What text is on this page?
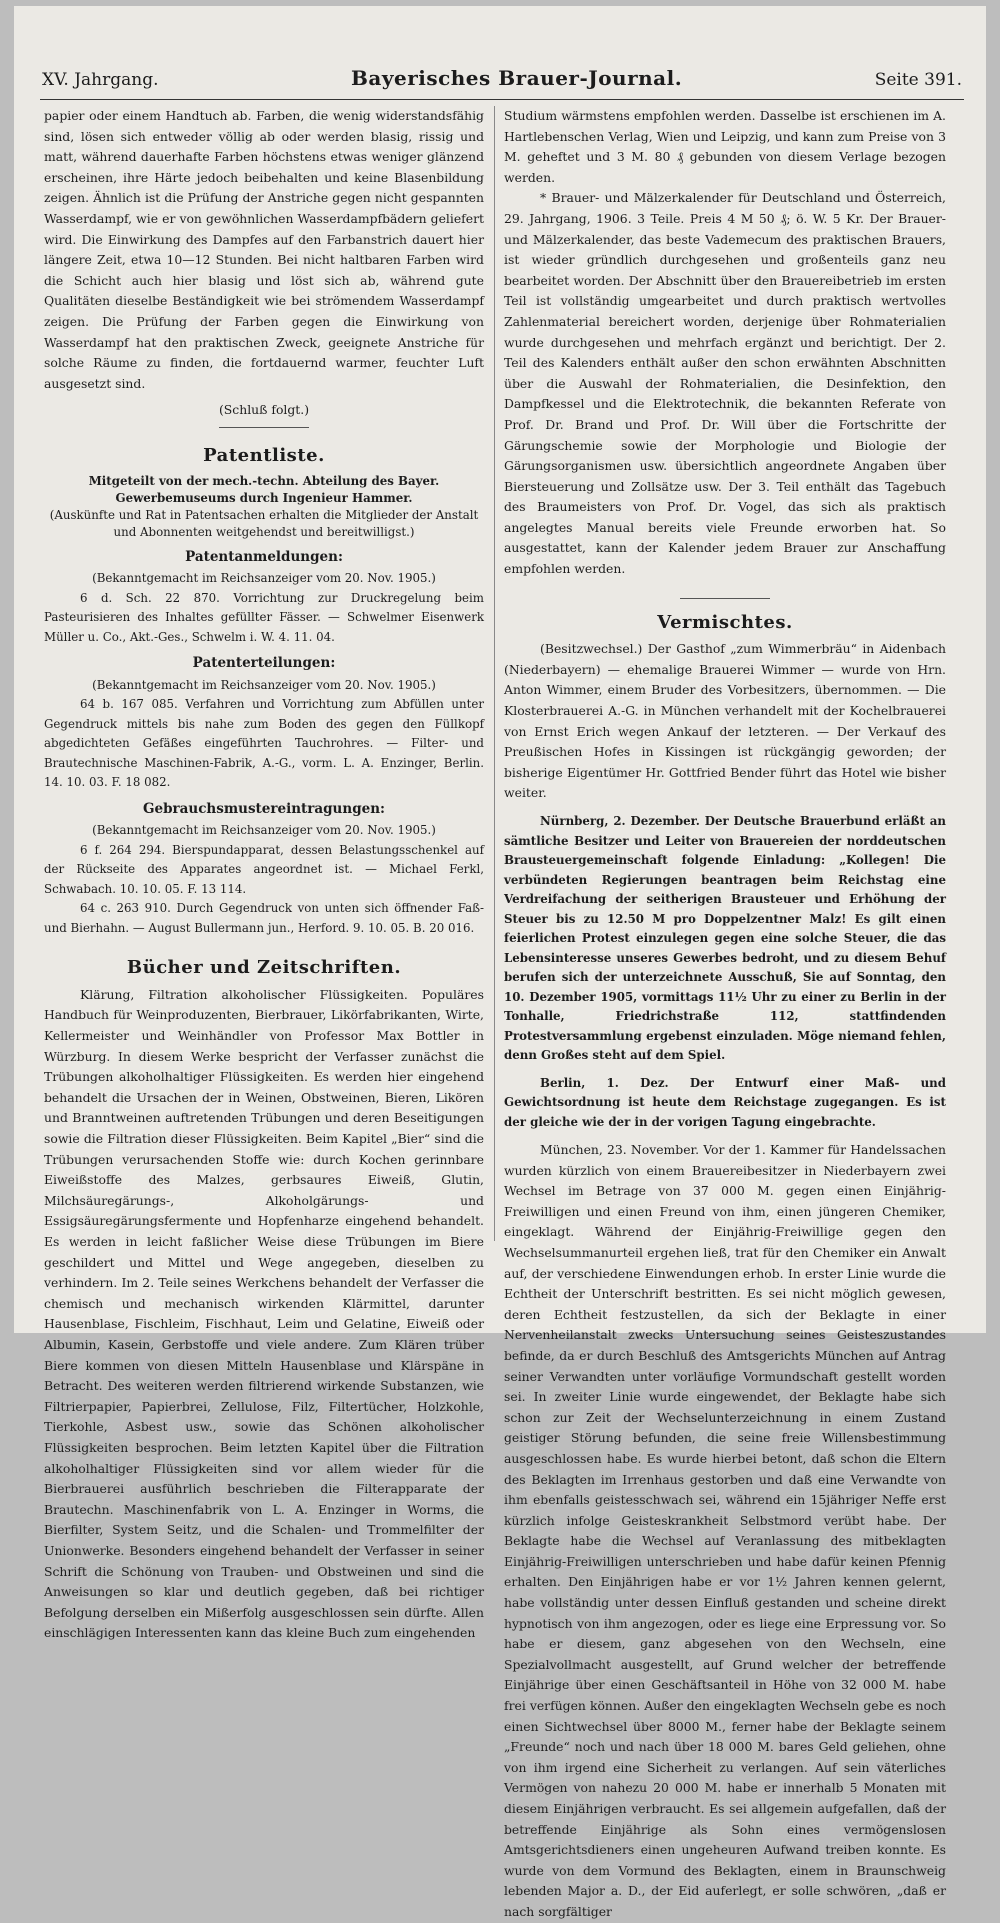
XV. Jahrgang.	Bayerisches Brauer-Journal.	Seite 391.

papier oder einem Handtuch ab. Farben, die wenig widerstandsfähig sind, lösen sich entweder völlig ab oder werden blasig, rissig und matt, während dauerhafte Farben höchstens etwas weniger glänzend erscheinen, ihre Härte jedoch beibehalten und keine Blasenbildung zeigen. Ähnlich ist die Prüfung der Anstriche gegen nicht gespannten Wasserdampf, wie er von gewöhnlichen Wasserdampfbädern geliefert wird. Die Einwirkung des Dampfes auf den Farbanstrich dauert hier längere Zeit, etwa 10—12 Stunden. Bei nicht haltbaren Farben wird die Schicht auch hier blasig und löst sich ab, während gute Qualitäten dieselbe Beständigkeit wie bei strömendem Wasserdampf zeigen. Die Prüfung der Farben gegen die Einwirkung von Wasserdampf hat den praktischen Zweck, geeignete Anstriche für solche Räume zu finden, die fortdauernd warmer, feuchter Luft ausgesetzt sind.

(Schluß folgt.)

Patentliste.

Mitgeteilt von der mech.-techn. Abteilung des Bayer. Gewerbemuseums durch Ingenieur Hammer.

(Auskünfte und Rat in Patentsachen erhalten die Mitglieder der Anstalt und Abonnenten weitgehendst und bereitwilligst.)

Patentanmeldungen:

(Bekanntgemacht im Reichsanzeiger vom 20. Nov. 1905.)

6 d. Sch. 22 870. Vorrichtung zur Druckregelung beim Pasteurisieren des Inhaltes gefüllter Fässer. — Schwelmer Eisenwerk Müller u. Co., Akt.-Ges., Schwelm i. W. 4. 11. 04.

Patenterteilungen:

(Bekanntgemacht im Reichsanzeiger vom 20. Nov. 1905.)

64 b. 167 085. Verfahren und Vorrichtung zum Abfüllen unter Gegendruck mittels bis nahe zum Boden des gegen den Füllkopf abgedichteten Gefäßes eingeführten Tauchrohres. — Filter- und Brautechnische Maschinen-Fabrik, A.-G., vorm. L. A. Enzinger, Berlin. 14. 10. 03. F. 18 082.

Gebrauchsmustereintragungen:

(Bekanntgemacht im Reichsanzeiger vom 20. Nov. 1905.)

6 f. 264 294. Bierspundapparat, dessen Belastungsschenkel auf der Rückseite des Apparates angeordnet ist. — Michael Ferkl, Schwabach. 10. 10. 05. F. 13 114.

64 c. 263 910. Durch Gegendruck von unten sich öffnender Faß- und Bierhahn. — August Bullermann jun., Herford. 9. 10. 05. B. 20 016.

Bücher und Zeitschriften.

Klärung, Filtration alkoholischer Flüssigkeiten. Populäres Handbuch für Weinproduzenten, Bierbrauer, Likörfabrikanten, Wirte, Kellermeister und Weinhändler von Professor Max Bottler in Würzburg. In diesem Werke bespricht der Verfasser zunächst die Trübungen alkoholhaltiger Flüssigkeiten. Es werden hier eingehend behandelt die Ursachen der in Weinen, Obstweinen, Bieren, Likören und Branntweinen auftretenden Trübungen und deren Beseitigungen sowie die Filtration dieser Flüssigkeiten. Beim Kapitel „Bier“ sind die Trübungen verursachenden Stoffe wie: durch Kochen gerinnbare Eiweißstoffe des Malzes, gerbsaures Eiweiß, Glutin, Milchsäuregärungs-, Alkoholgärungs- und Essigsäuregärungsfermente und Hopfenharze eingehend behandelt. Es werden in leicht faßlicher Weise diese Trübungen im Biere geschildert und Mittel und Wege angegeben, dieselben zu verhindern. Im 2. Teile seines Werkchens behandelt der Verfasser die chemisch und mechanisch wirkenden Klärmittel, darunter Hausenblase, Fischleim, Fischhaut, Leim und Gelatine, Eiweiß oder Albumin, Kasein, Gerbstoffe und viele andere. Zum Klären trüber Biere kommen von diesen Mitteln Hausenblase und Klärspäne in Betracht. Des weiteren werden filtrierend wirkende Substanzen, wie Filtrierpapier, Papierbrei, Zellulose, Filz, Filtertücher, Holzkohle, Tierkohle, Asbest usw., sowie das Schönen alkoholischer Flüssigkeiten besprochen. Beim letzten Kapitel über die Filtration alkoholhaltiger Flüssigkeiten sind vor allem wieder für die Bierbrauerei ausführlich beschrieben die Filterapparate der Brautechn. Maschinenfabrik von L. A. Enzinger in Worms, die Bierfilter, System Seitz, und die Schalen- und Trommelfilter der Unionwerke. Besonders eingehend behandelt der Verfasser in seiner Schrift die Schönung von Trauben- und Obstweinen und sind die Anweisungen so klar und deutlich gegeben, daß bei richtiger Befolgung derselben ein Mißerfolg ausgeschlossen sein dürfte. Allen einschlägigen Interessenten kann das kleine Buch zum eingehenden

Studium wärmstens empfohlen werden. Dasselbe ist erschienen im A. Hartlebenschen Verlag, Wien und Leipzig, und kann zum Preise von 3 M. geheftet und 3 M. 80 ₰ gebunden von diesem Verlage bezogen werden.

* Brauer- und Mälzerkalender für Deutschland und Österreich, 29. Jahrgang, 1906. 3 Teile. Preis 4 M 50 ₰; ö. W. 5 Kr. Der Brauer- und Mälzerkalender, das beste Vademecum des praktischen Brauers, ist wieder gründlich durchgesehen und großenteils ganz neu bearbeitet worden. Der Abschnitt über den Brauereibetrieb im ersten Teil ist vollständig umgearbeitet und durch praktisch wertvolles Zahlenmaterial bereichert worden, derjenige über Rohmaterialien wurde durchgesehen und mehrfach ergänzt und berichtigt. Der 2. Teil des Kalenders enthält außer den schon erwähnten Abschnitten über die Auswahl der Rohmaterialien, die Desinfektion, den Dampfkessel und die Elektrotechnik, die bekannten Referate von Prof. Dr. Brand und Prof. Dr. Will über die Fortschritte der Gärungschemie sowie der Morphologie und Biologie der Gärungsorganismen usw. übersichtlich angeordnete Angaben über Biersteuerung und Zollsätze usw. Der 3. Teil enthält das Tagebuch des Braumeisters von Prof. Dr. Vogel, das sich als praktisch angelegtes Manual bereits viele Freunde erworben hat. So ausgestattet, kann der Kalender jedem Brauer zur Anschaffung empfohlen werden.

Vermischtes.

(Besitzwechsel.) Der Gasthof „zum Wimmerbräu“ in Aidenbach (Niederbayern) — ehemalige Brauerei Wimmer — wurde von Hrn. Anton Wimmer, einem Bruder des Vorbesitzers, übernommen. — Die Klosterbrauerei A.-G. in München verhandelt mit der Kochelbrauerei von Ernst Erich wegen Ankauf der letzteren. — Der Verkauf des Preußischen Hofes in Kissingen ist rückgängig geworden; der bisherige Eigentümer Hr. Gottfried Bender führt das Hotel wie bisher weiter.

Nürnberg, 2. Dezember. Der Deutsche Brauerbund erläßt an sämtliche Besitzer und Leiter von Brauereien der norddeutschen Brausteuergemeinschaft folgende Einladung: „Kollegen! Die verbündeten Regierungen beantragen beim Reichstag eine Verdreifachung der seitherigen Brausteuer und Erhöhung der Steuer bis zu 12.50 M pro Doppelzentner Malz! Es gilt einen feierlichen Protest einzulegen gegen eine solche Steuer, die das Lebensinteresse unseres Gewerbes bedroht, und zu diesem Behuf berufen sich der unterzeichnete Ausschuß, Sie auf Sonntag, den 10. Dezember 1905, vormittags 11½ Uhr zu einer zu Berlin in der Tonhalle, Friedrichstraße 112, stattfindenden Protestversammlung ergebenst einzuladen. Möge niemand fehlen, denn Großes steht auf dem Spiel.

Berlin, 1. Dez. Der Entwurf einer Maß- und Gewichtsordnung ist heute dem Reichstage zugegangen. Es ist der gleiche wie der in der vorigen Tagung eingebrachte.

München, 23. November. Vor der 1. Kammer für Handelssachen wurden kürzlich von einem Brauereibesitzer in Niederbayern zwei Wechsel im Betrage von 37 000 M. gegen einen Einjährig-Freiwilligen und einen Freund von ihm, einen jüngeren Chemiker, eingeklagt. Während der Einjährig-Freiwillige gegen den Wechselsummanurteil ergehen ließ, trat für den Chemiker ein Anwalt auf, der verschiedene Einwendungen erhob. In erster Linie wurde die Echtheit der Unterschrift bestritten. Es sei nicht möglich gewesen, deren Echtheit festzustellen, da sich der Beklagte in einer Nervenheilanstalt zwecks Untersuchung seines Geisteszustandes befinde, da er durch Beschluß des Amtsgerichts München auf Antrag seiner Verwandten unter vorläufige Vormundschaft gestellt worden sei. In zweiter Linie wurde eingewendet, der Beklagte habe sich schon zur Zeit der Wechselunterzeichnung in einem Zustand geistiger Störung befunden, die seine freie Willensbestimmung ausgeschlossen habe. Es wurde hierbei betont, daß schon die Eltern des Beklagten im Irrenhaus gestorben und daß eine Verwandte von ihm ebenfalls geistesschwach sei, während ein 15jähriger Neffe erst kürzlich infolge Geisteskrankheit Selbstmord verübt habe. Der Beklagte habe die Wechsel auf Veranlassung des mitbeklagten Einjährig-Freiwilligen unterschrieben und habe dafür keinen Pfennig erhalten. Den Einjährigen habe er vor 1½ Jahren kennen gelernt, habe vollständig unter dessen Einfluß gestanden und scheine direkt hypnotisch von ihm angezogen, oder es liege eine Erpressung vor. So habe er diesem, ganz abgesehen von den Wechseln, eine Spezialvollmacht ausgestellt, auf Grund welcher der betreffende Einjährige über einen Geschäftsanteil in Höhe von 32 000 M. habe frei verfügen können. Außer den eingeklagten Wechseln gebe es noch einen Sichtwechsel über 8000 M., ferner habe der Beklagte seinem „Freunde“ noch und nach über 18 000 M. bares Geld geliehen, ohne von ihm irgend eine Sicherheit zu verlangen. Auf sein väterliches Vermögen von nahezu 20 000 M. habe er innerhalb 5 Monaten mit diesem Einjährigen verbraucht. Es sei allgemein aufgefallen, daß der betreffende Einjährige als Sohn eines vermögenslosen Amtsgerichtsdieners einen ungeheuren Aufwand treiben konnte. Es wurde von dem Vormund des Beklagten, einem in Braunschweig lebenden Major a. D., der Eid auferlegt, er solle schwören, „daß er nach sorgfältiger
